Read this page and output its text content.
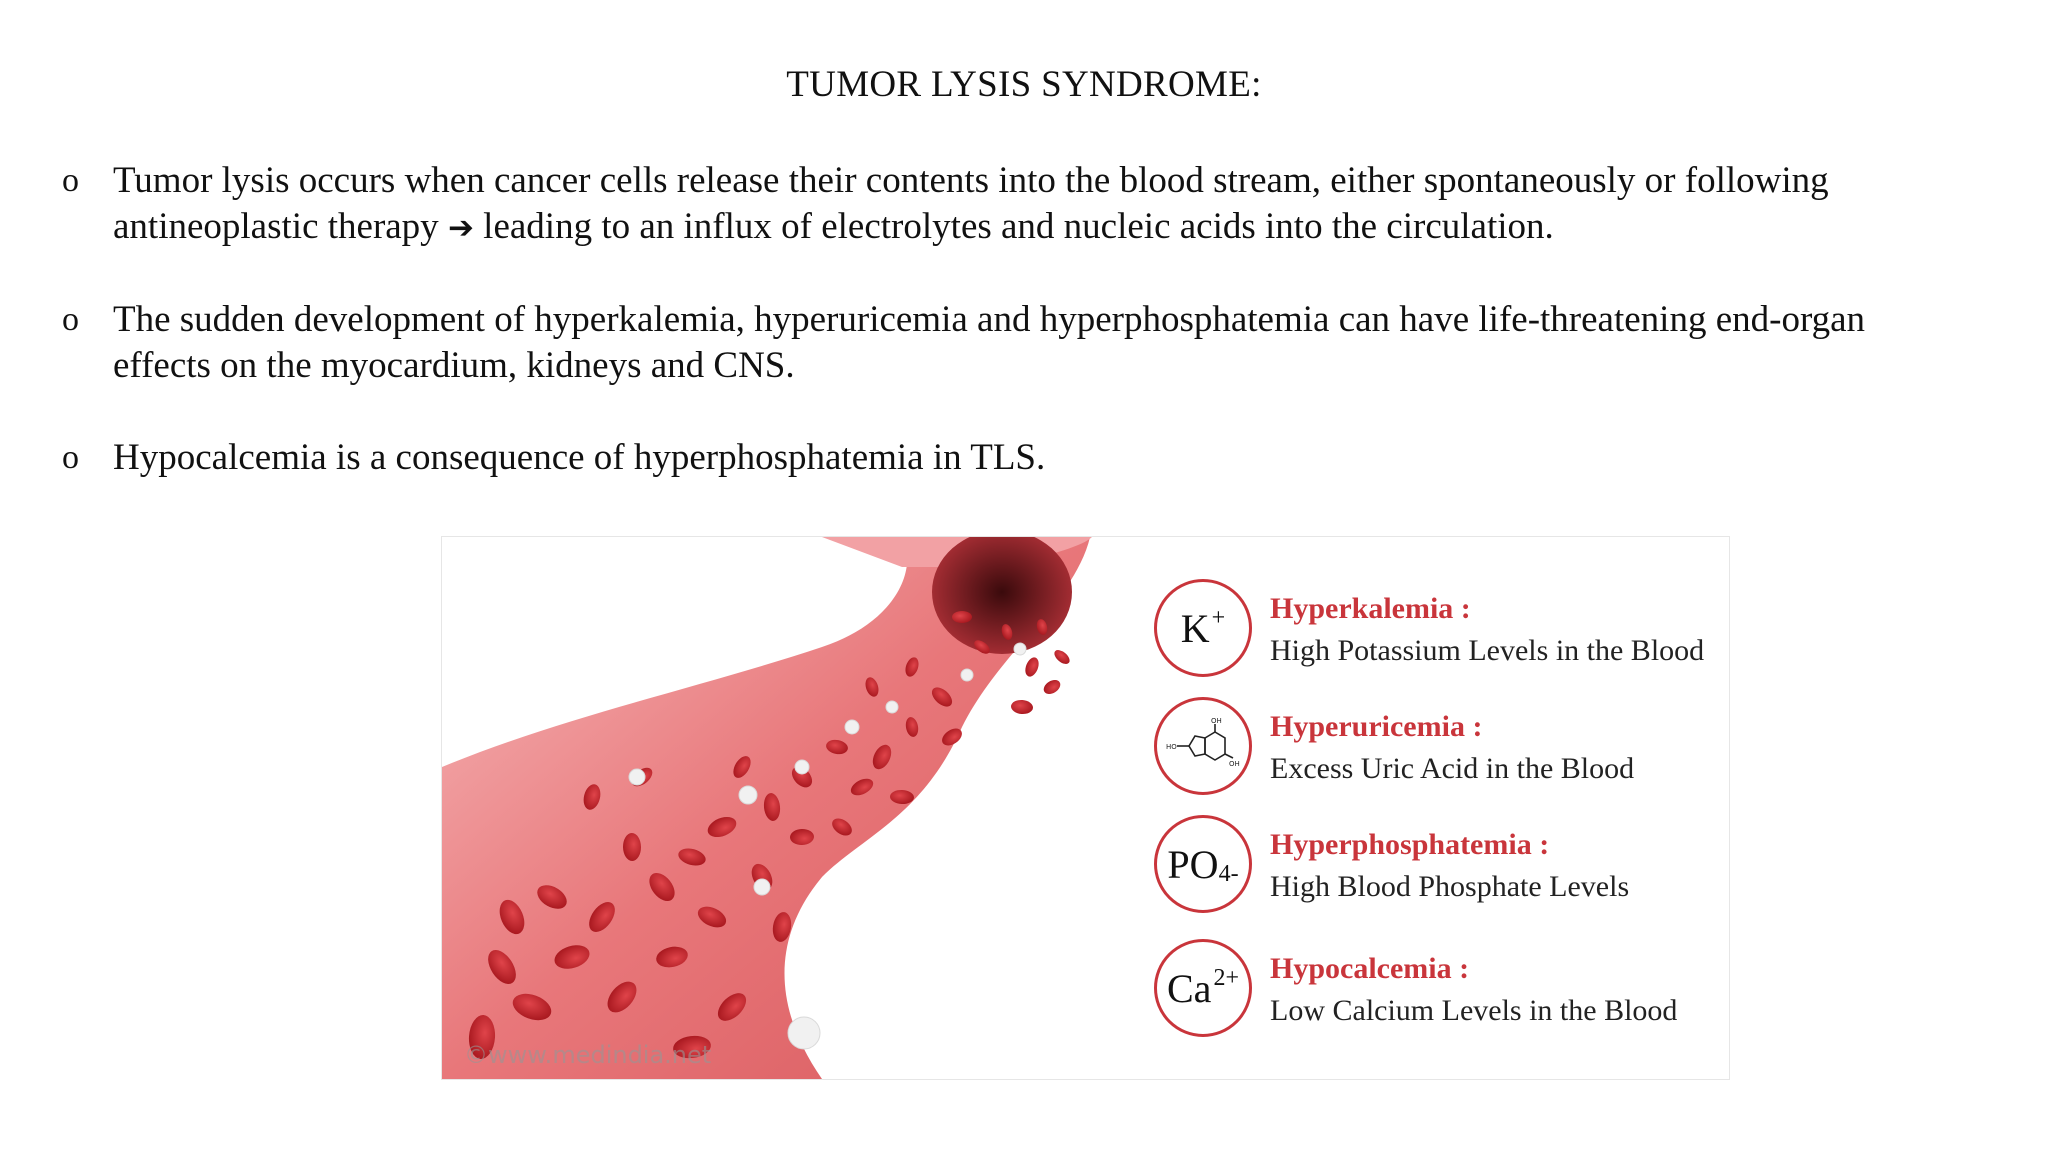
TUMOR LYSIS SYNDROME:
o Tumor lysis occurs when cancer cells release their contents into the blood stream, either spontaneously or following
antineoplastic therapy ➔ leading to an influx of electrolytes and nucleic acids into the circulation.
o The sudden development of hyperkalemia, hyperuricemia and hyperphosphatemia can have life-threatening end-organ
effects on the myocardium, kidneys and CNS.
o Hypocalcemia is a consequence of hyperphosphatemia in TLS.
©www.medindia.net
K+ Hyperkalemia :
High Potassium Levels in the Blood
HO
OH
OH
Hyperuricemia :
Excess Uric Acid in the Blood
$PO_{4-}$
Hyperphosphatemia :
High Blood Phosphate Levels
$Ca^{2+}$ Hypocalcemia :
Low Calcium Levels in the Blood
